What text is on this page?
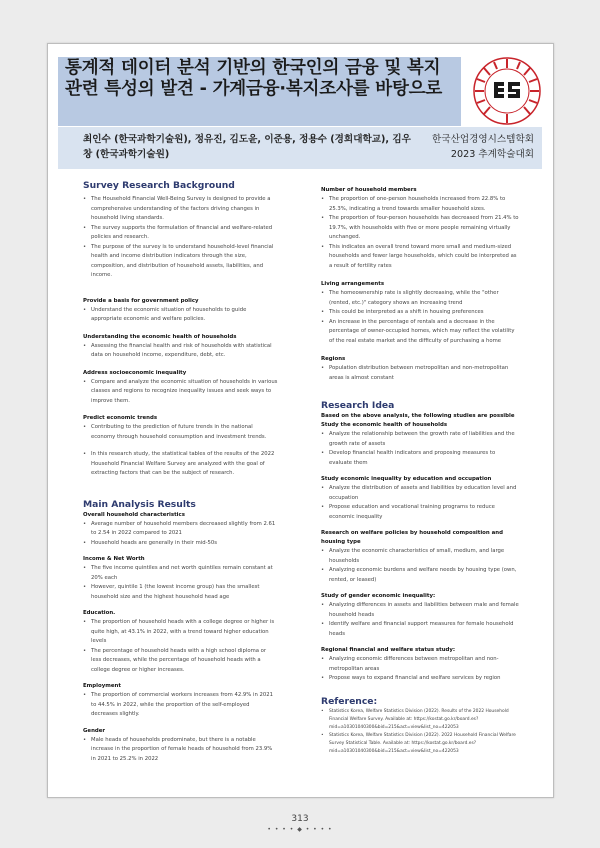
통계적 데이터 분석 기반의 한국인의 금융 및 복지 관련 특성의 발견 - 가계금융·복지조사를 바탕으로
최인수 (한국과학기술원), 정유진, 김도윤, 이준용, 정용수 (경희대학교), 김우창 (한국과학기술원)
한국산업경영시스템학회
2023 추계학술대회
Survey Research Background
• The Household Financial Well-Being Survey is designed to provide a comprehensive understanding of the factors driving changes in household living standards.
• The survey supports the formulation of financial and welfare-related policies and research.
• The purpose of the survey is to understand household-level financial health and income distribution indicators through the size, composition, and distribution of household assets, liabilities, and income.
Provide a basis for government policy
• Understand the economic situation of households to guide appropriate economic and welfare policies.
Understanding the economic health of households
• Assessing the financial health and risk of households with statistical data on household income, expenditure, debt, etc.
Address socioeconomic inequality
• Compare and analyze the economic situation of households in various classes and regions to recognize inequality issues and seek ways to improve them.
Predict economic trends
• Contributing to the prediction of future trends in the national economy through household consumption and investment trends.
• In this research study, the statistical tables of the results of the 2022 Household Financial Welfare Survey are analyzed with the goal of extracting factors that can be the subject of research.
Main Analysis Results
Overall household characteristics
• Average number of household members decreased slightly from 2.61 to 2.54 in 2022 compared to 2021
• Household heads are generally in their mid-50s
Income & Net Worth
• The five income quintiles and net worth quintiles remain constant at 20% each
• However, quintile 1 (the lowest income group) has the smallest household size and the highest household head age
Education.
• The proportion of household heads with a college degree or higher is quite high, at 43.1% in 2022, with a trend toward higher education levels
• The percentage of household heads with a high school diploma or less decreases, while the percentage of household heads with a college degree or higher increases.
Employment
• The proportion of commercial workers increases from 42.9% in 2021 to 44.5% in 2022, while the proportion of the self-employed decreases slightly.
Gender
• Male heads of households predominate, but there is a notable increase in the proportion of female heads of household from 23.9% in 2021 to 25.2% in 2022
Number of household members
• The proportion of one-person households increased from 22.8% to 25.3%, indicating a trend towards smaller household sizes.
• The proportion of four-person households has decreased from 21.4% to 19.7%, with households with five or more people remaining virtually unchanged.
• This indicates an overall trend toward more small and medium-sized households and fewer large households, which could be interpreted as a result of fertility rates
Living arrangements
• The homeownership rate is slightly decreasing, while the "other (rented, etc.)" category shows an increasing trend
• This could be interpreted as a shift in housing preferences
• An increase in the percentage of rentals and a decrease in the percentage of owner-occupied homes, which may reflect the volatility of the real estate market and the difficulty of purchasing a home
Regions
• Population distribution between metropolitan and non-metropolitan areas is almost constant
Research Idea
Based on the above analysis, the following studies are possible
Study the economic health of households
• Analyze the relationship between the growth rate of liabilities and the growth rate of assets
• Develop financial health indicators and proposing measures to evaluate them
Study economic inequality by education and occupation
• Analyze the distribution of assets and liabilities by education level and occupation
• Propose education and vocational training programs to reduce economic inequality
Research on welfare policies by household composition and housing type
• Analyze the economic characteristics of small, medium, and large households
• Analyzing economic burdens and welfare needs by housing type (own, rented, or leased)
Study of gender economic inequality:
• Analyzing differences in assets and liabilities between male and female household heads
• Identify welfare and financial support measures for female household heads
Regional financial and welfare status study:
• Analyzing economic differences between metropolitan and non-metropolitan areas
• Propose ways to expand financial and welfare services by region
Reference:
• Statistics Korea, Welfare Statistics Division (2022). Results of the 2022 Household Financial Welfare Survey. Available at: https://kostat.go.kr/board.es?mid=a10301040300&bid=215&act=view&list_no=422053
• Statistics Korea, Welfare Statistics Division (2022). 2022 Household Financial Welfare Survey Statistical Table. Available at: https://kostat.go.kr/board.es?mid=a10301040300&bid=215&act=view&list_no=422053
313
• • • • ◆ • • • •
